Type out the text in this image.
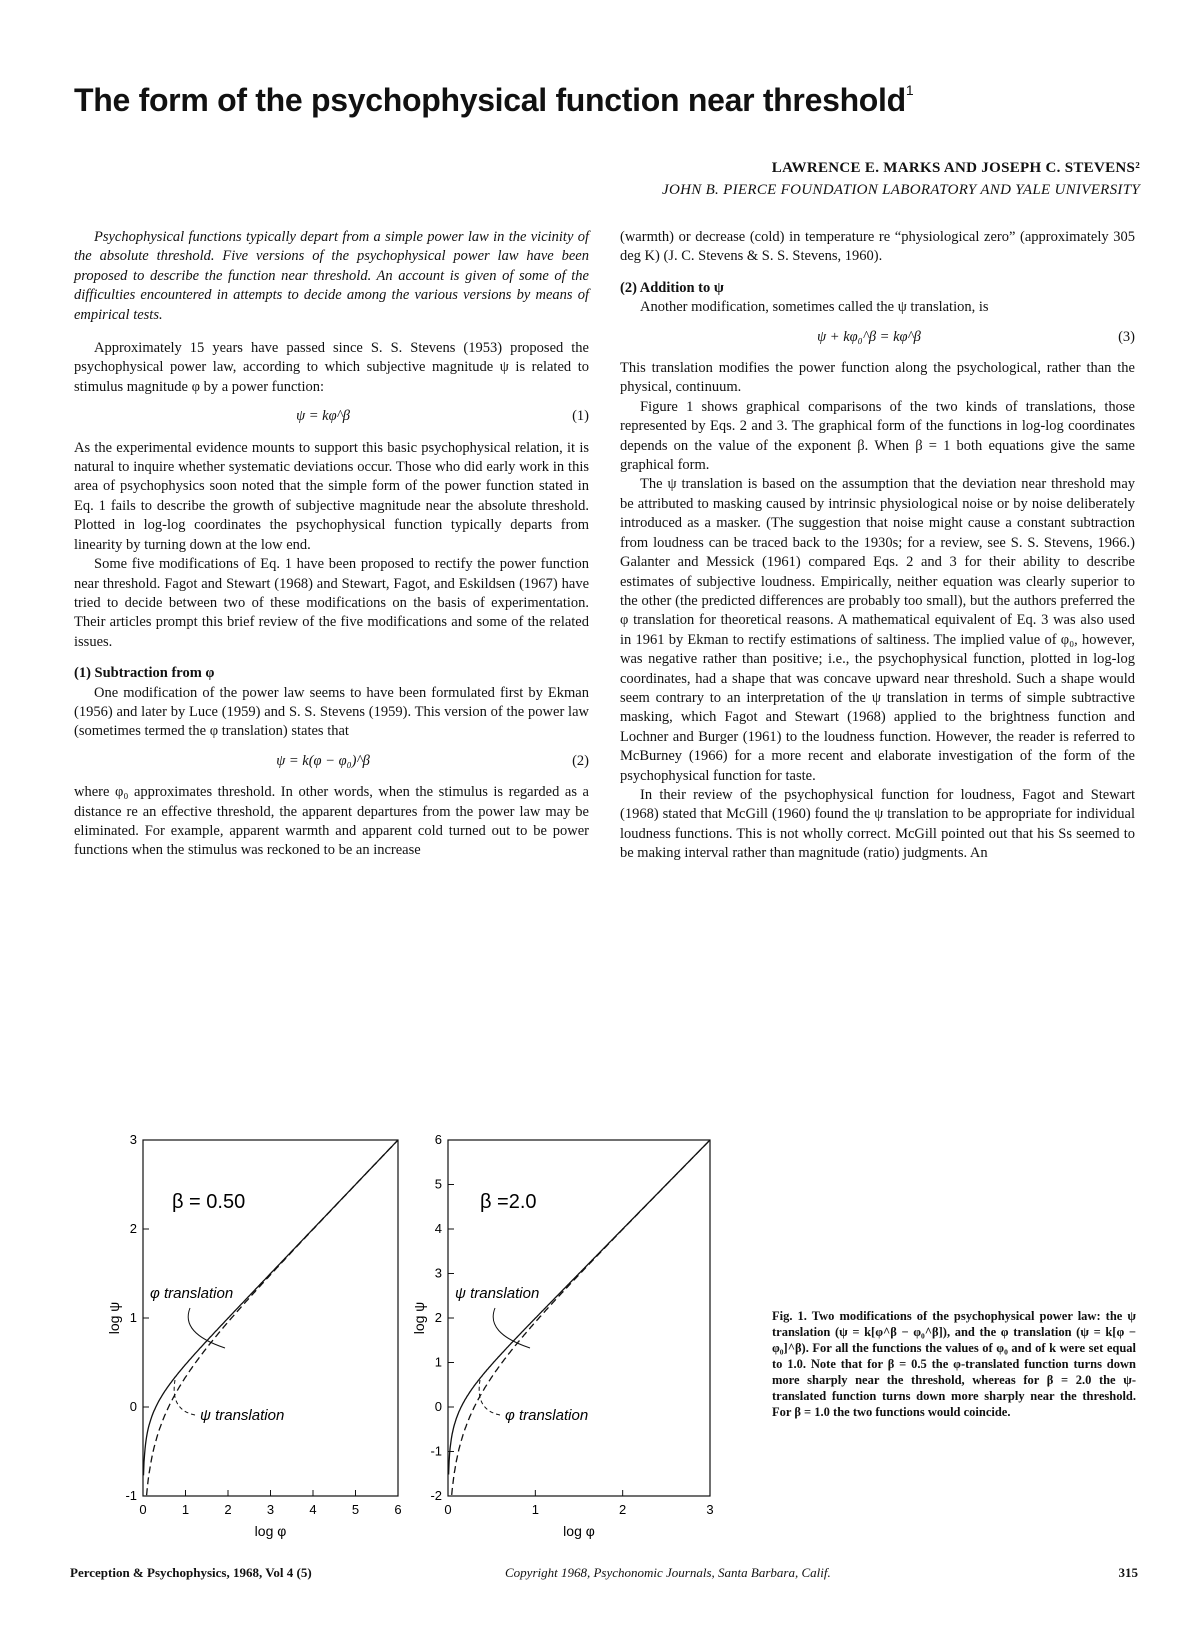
The form of the psychophysical function near threshold$^1$
LAWRENCE E. MARKS AND JOSEPH C. STEVENS²
JOHN B. PIERCE FOUNDATION LABORATORY AND YALE UNIVERSITY

Psychophysical functions typically depart from a simple power law in the vicinity of the absolute threshold. Five versions of the psychophysical power law have been proposed to describe the function near threshold. An account is given of some of the difficulties encountered in attempts to decide among the various versions by means of empirical tests.

Approximately 15 years have passed since S. S. Stevens (1953) proposed the psychophysical power law, according to which subjective magnitude ψ is related to stimulus magnitude φ by a power function:

ψ = kφ^β	(1)

As the experimental evidence mounts to support this basic psychophysical relation, it is natural to inquire whether systematic deviations occur. Those who did early work in this area of psychophysics soon noted that the simple form of the power function stated in Eq. 1 fails to describe the growth of subjective magnitude near the absolute threshold. Plotted in log-log coordinates the psychophysical function typically departs from linearity by turning down at the low end.

Some five modifications of Eq. 1 have been proposed to rectify the power function near threshold. Fagot and Stewart (1968) and Stewart, Fagot, and Eskildsen (1967) have tried to decide between two of these modifications on the basis of experimentation. Their articles prompt this brief review of the five modifications and some of the related issues.

(1) Subtraction from φ

One modification of the power law seems to have been formulated first by Ekman (1956) and later by Luce (1959) and S. S. Stevens (1959). This version of the power law (sometimes termed the φ translation) states that

ψ = k(φ − φ₀)^β	(2)

where φ₀ approximates threshold. In other words, when the stimulus is regarded as a distance re an effective threshold, the apparent departures from the power law may be eliminated. For example, apparent warmth and apparent cold turned out to be power functions when the stimulus was reckoned to be an increase

(warmth) or decrease (cold) in temperature re “physiological zero” (approximately 305 deg K) (J. C. Stevens & S. S. Stevens, 1960).

(2) Addition to ψ

Another modification, sometimes called the ψ translation, is

ψ + kφ₀^β = kφ^β	(3)

This translation modifies the power function along the psychological, rather than the physical, continuum.

Figure 1 shows graphical comparisons of the two kinds of translations, those represented by Eqs. 2 and 3. The graphical form of the functions in log-log coordinates depends on the value of the exponent β. When β = 1 both equations give the same graphical form.

The ψ translation is based on the assumption that the deviation near threshold may be attributed to masking caused by intrinsic physiological noise or by noise deliberately introduced as a masker. (The suggestion that noise might cause a constant subtraction from loudness can be traced back to the 1930s; for a review, see S. S. Stevens, 1966.) Galanter and Messick (1961) compared Eqs. 2 and 3 for their ability to describe estimates of subjective loudness. Empirically, neither equation was clearly superior to the other (the predicted differences are probably too small), but the authors preferred the φ translation for theoretical reasons. A mathematical equivalent of Eq. 3 was also used in 1961 by Ekman to rectify estimations of saltiness. The implied value of φ₀, however, was negative rather than positive; i.e., the psychophysical function, plotted in log-log coordinates, had a shape that was concave upward near threshold. Such a shape would seem contrary to an interpretation of the ψ translation in terms of simple subtractive masking, which Fagot and Stewart (1968) applied to the brightness function and Lochner and Burger (1961) to the loudness function. However, the reader is referred to McBurney (1966) for a more recent and elaborate investigation of the form of the psychophysical function for taste.

In their review of the psychophysical function for loudness, Fagot and Stewart (1968) stated that McGill (1960) found the ψ translation to be appropriate for individual loudness functions. This is not wholly correct. McGill pointed out that his Ss seemed to be making interval rather than magnitude (ratio) judgments. An

0	1	2	3	4	5	6
-1
0
1
2
3
log φ
log ψ
β = 0.50
φ translation
ψ translation
0	1	2	3
-2
-1
0
1
2
3
4
5
6
log φ
log ψ
β =2.0
ψ translation
φ translation
Fig. 1. Two modifications of the psychophysical power law: the ψ translation (ψ = k[φ^β − φ₀^β]), and the φ translation (ψ = k[φ − φ₀]^β). For all the functions the values of φ₀ and of k were set equal to 1.0. Note that for β = 0.5 the φ-translated function turns down more sharply near the threshold, whereas for β = 2.0 the ψ-translated function turns down more sharply near the threshold. For β = 1.0 the two functions would coincide.
Perception & Psychophysics, 1968, Vol 4 (5)	Copyright 1968, Psychonomic Journals, Santa Barbara, Calif.	315
